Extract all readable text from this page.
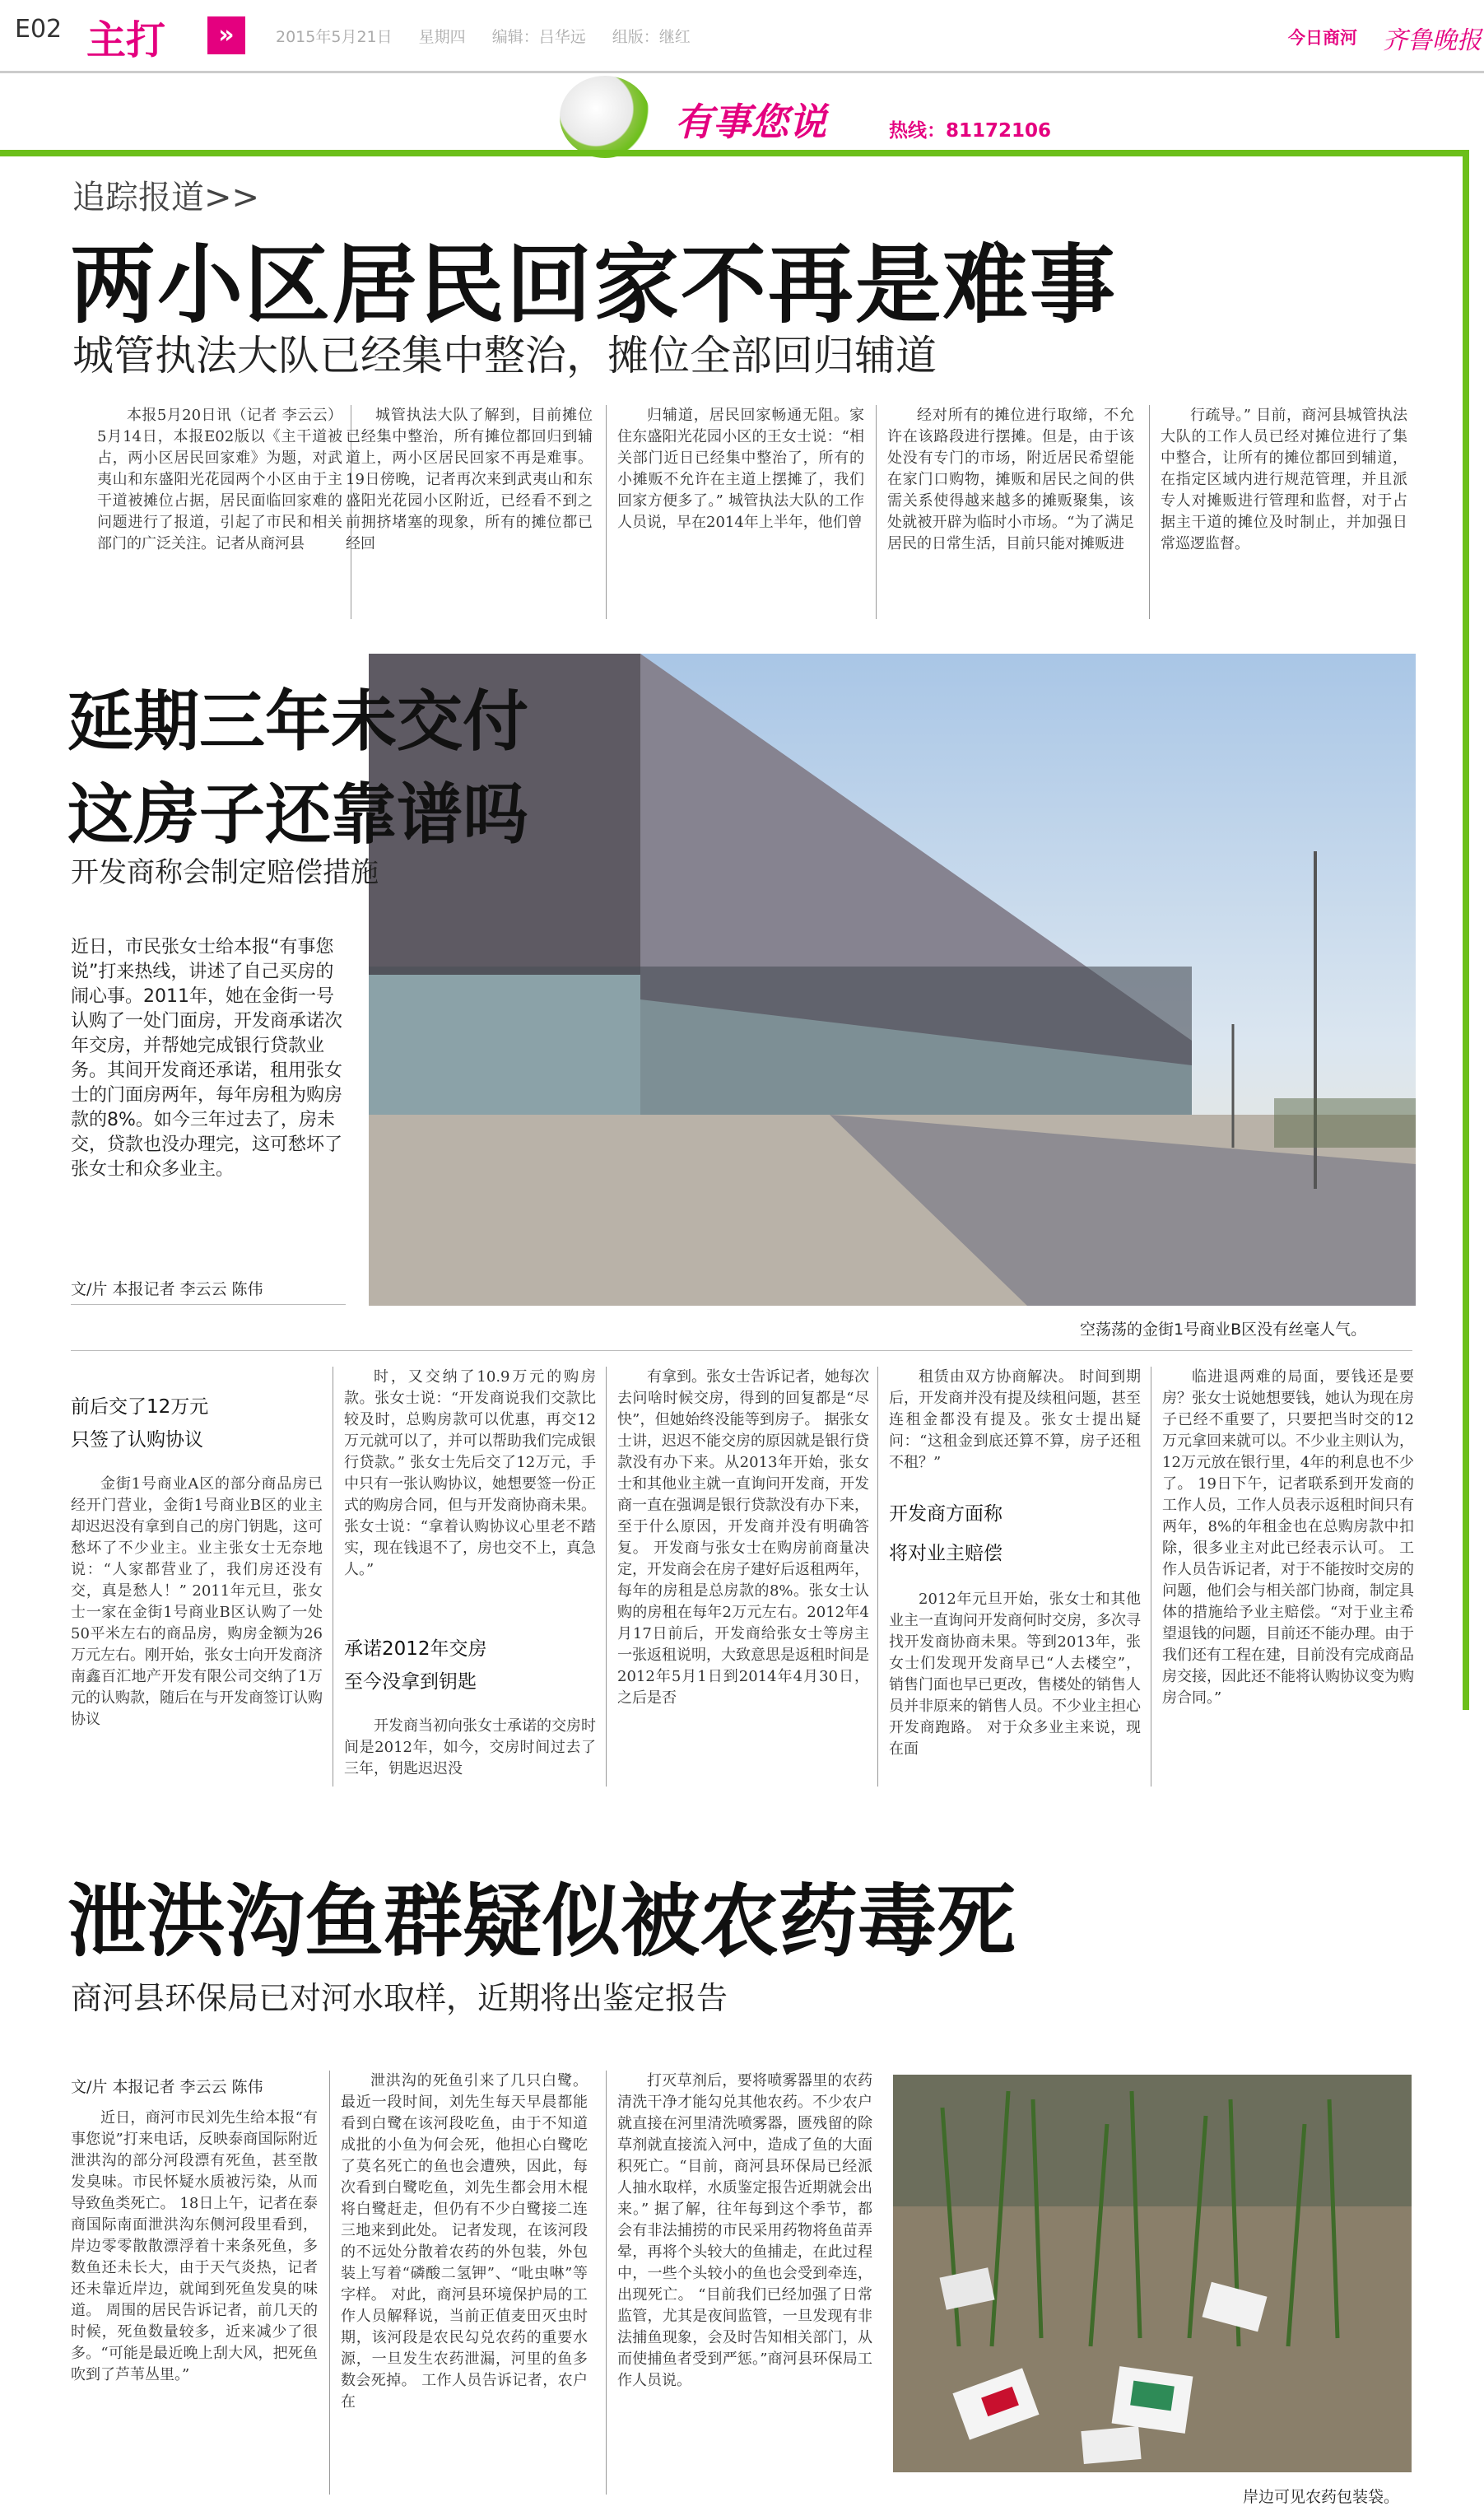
E02 主打	»	2015年5月21日 星期四 编辑：吕华远 组版：继红	今日商河 齐鲁晚报
有事您说	热线：81172106
追踪报道>>
两小区居民回家不再是难事
城管执法大队已经集中整治，摊位全部回归辅道

本报5月20日讯（记者 李云云） 5月14日，本报E02版以《主干道被占，两小区居民回家难》为题，对武夷山和东盛阳光花园两个小区由于主干道被摊位占据，居民面临回家难的问题进行了报道，引起了市民和相关部门的广泛关注。记者从商河县

城管执法大队了解到，目前摊位已经集中整治，所有摊位都回归到辅道上，两小区居民回家不再是难事。 19日傍晚，记者再次来到武夷山和东盛阳光花园小区附近，已经看不到之前拥挤堵塞的现象，所有的摊位都已经回

归辅道，居民回家畅通无阻。家住东盛阳光花园小区的王女士说：“相关部门近日已经集中整治了，所有的小摊贩不允许在主道上摆摊了，我们回家方便多了。” 城管执法大队的工作人员说，早在2014年上半年，他们曾

经对所有的摊位进行取缔，不允许在该路段进行摆摊。但是，由于该处没有专门的市场，附近居民希望能在家门口购物，摊贩和居民之间的供需关系使得越来越多的摊贩聚集，该处就被开辟为临时小市场。“为了满足居民的日常生活，目前只能对摊贩进

行疏导。” 目前，商河县城管执法大队的工作人员已经对摊位进行了集中整合，让所有的摊位都回到辅道，在指定区域内进行规范管理，并且派专人对摊贩进行管理和监督，对于占据主干道的摊位及时制止，并加强日常巡逻监督。

延期三年未交付
这房子还靠谱吗
开发商称会制定赔偿措施
近日，市民张女士给本报“有事您说”打来热线，讲述了自己买房的闹心事。2011年，她在金街一号认购了一处门面房，开发商承诺次年交房，并帮她完成银行贷款业务。其间开发商还承诺，租用张女士的门面房两年，每年房租为购房款的8%。如今三年过去了，房未交，贷款也没办理完，这可愁坏了张女士和众多业主。
文/片 本报记者 李云云 陈伟
空荡荡的金街1号商业B区没有丝毫人气。
前后交了12万元
只签了认购协议

金街1号商业A区的部分商品房已经开门营业，金街1号商业B区的业主却迟迟没有拿到自己的房门钥匙，这可愁坏了不少业主。业主张女士无奈地说：“人家都营业了，我们房还没有交，真是愁人！” 2011年元旦，张女士一家在金街1号商业B区认购了一处50平米左右的商品房，购房金额为26万元左右。刚开始，张女士向开发商济南鑫百汇地产开发有限公司交纳了1万元的认购款，随后在与开发商签订认购协议

时，又交纳了10.9万元的购房款。张女士说：“开发商说我们交款比较及时，总购房款可以优惠，再交12万元就可以了，并可以帮助我们完成银行贷款。” 张女士先后交了12万元，手中只有一张认购协议，她想要签一份正式的购房合同，但与开发商协商未果。张女士说：“拿着认购协议心里老不踏实，现在钱退不了，房也交不上，真急人。”

承诺2012年交房
至今没拿到钥匙

开发商当初向张女士承诺的交房时间是2012年，如今，交房时间过去了三年，钥匙迟迟没

有拿到。张女士告诉记者，她每次去问啥时候交房，得到的回复都是“尽快”，但她始终没能等到房子。 据张女士讲，迟迟不能交房的原因就是银行贷款没有办下来。从2013年开始，张女士和其他业主就一直询问开发商，开发商一直在强调是银行贷款没有办下来，至于什么原因，开发商并没有明确答复。 开发商与张女士在购房前商量决定，开发商会在房子建好后返租两年，每年的房租是总房款的8%。张女士认购的房租在每年2万元左右。2012年4月17日前后，开发商给张女士等房主一张返租说明，大致意思是返租时间是2012年5月1日到2014年4月30日，之后是否

租赁由双方协商解决。 时间到期后，开发商并没有提及续租问题，甚至连租金都没有提及。张女士提出疑问：“这租金到底还算不算，房子还租不租？”

开发商方面称
将对业主赔偿

2012年元旦开始，张女士和其他业主一直询问开发商何时交房，多次寻找开发商协商未果。等到2013年，张女士们发现开发商早已“人去楼空”，销售门面也早已更改，售楼处的销售人员并非原来的销售人员。不少业主担心开发商跑路。 对于众多业主来说，现在面

临进退两难的局面，要钱还是要房？张女士说她想要钱，她认为现在房子已经不重要了，只要把当时交的12万元拿回来就可以。不少业主则认为，12万元放在银行里，4年的利息也不少了。 19日下午，记者联系到开发商的工作人员，工作人员表示返租时间只有两年，8%的年租金也在总购房款中扣除，很多业主对此已经表示认可。 工作人员告诉记者，对于不能按时交房的问题，他们会与相关部门协商，制定具体的措施给予业主赔偿。“对于业主希望退钱的问题，目前还不能办理。由于我们还有工程在建，目前没有完成商品房交接，因此还不能将认购协议变为购房合同。”

泄洪沟鱼群疑似被农药毒死
商河县环保局已对河水取样，近期将出鉴定报告
文/片 本报记者 李云云 陈伟

近日，商河市民刘先生给本报“有事您说”打来电话，反映泰商国际附近泄洪沟的部分河段漂有死鱼，甚至散发臭味。市民怀疑水质被污染，从而导致鱼类死亡。 18日上午，记者在泰商国际南面泄洪沟东侧河段里看到，岸边零零散散漂浮着十来条死鱼，多数鱼还未长大，由于天气炎热，记者还未靠近岸边，就闻到死鱼发臭的味道。 周围的居民告诉记者，前几天的时候，死鱼数量较多，近来减少了很多。“可能是最近晚上刮大风，把死鱼吹到了芦苇丛里。”

泄洪沟的死鱼引来了几只白鹭。最近一段时间，刘先生每天早晨都能看到白鹭在该河段吃鱼，由于不知道成批的小鱼为何会死，他担心白鹭吃了莫名死亡的鱼也会遭殃，因此，每次看到白鹭吃鱼，刘先生都会用木棍将白鹭赶走，但仍有不少白鹭接二连三地来到此处。 记者发现，在该河段的不远处分散着农药的外包装，外包装上写着“磷酸二氢钾”、“吡虫啉”等字样。 对此，商河县环境保护局的工作人员解释说，当前正值麦田灭虫时期，该河段是农民勾兑农药的重要水源，一旦发生农药泄漏，河里的鱼多数会死掉。 工作人员告诉记者，农户在

打灭草剂后，要将喷雾器里的农药清洗干净才能勾兑其他农药。不少农户就直接在河里清洗喷雾器，匮残留的除草剂就直接流入河中，造成了鱼的大面积死亡。“目前，商河县环保局已经派人抽水取样，水质鉴定报告近期就会出来。” 据了解，往年每到这个季节，都会有非法捕捞的市民采用药物将鱼苗弄晕，再将个头较大的鱼捕走，在此过程中，一些个头较小的鱼也会受到牵连，出现死亡。 “目前我们已经加强了日常监管，尤其是夜间监管，一旦发现有非法捕鱼现象，会及时告知相关部门，从而使捕鱼者受到严惩。”商河县环保局工作人员说。

岸边可见农药包装袋。
